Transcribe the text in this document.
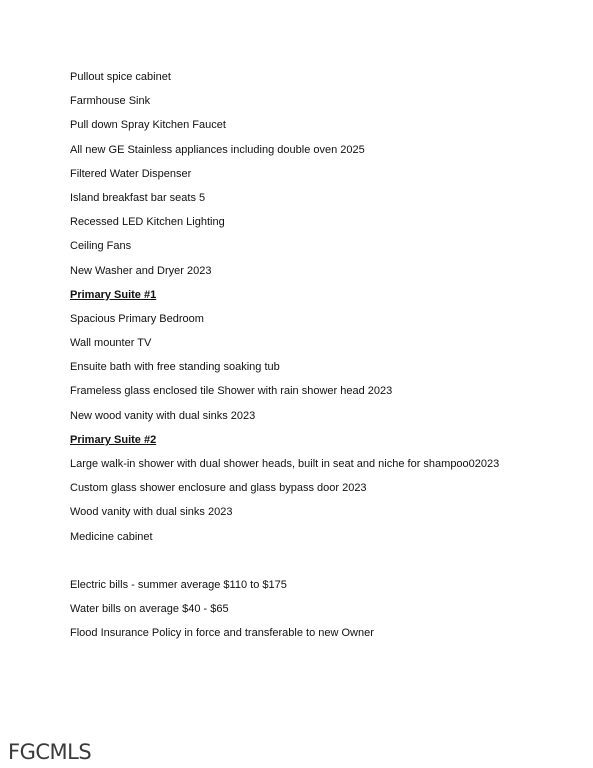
Pullout spice cabinet
Farmhouse Sink
Pull down Spray Kitchen Faucet
All new GE Stainless appliances including double oven 2025
Filtered Water Dispenser
Island breakfast bar seats 5
Recessed LED Kitchen Lighting
Ceiling Fans
New Washer and Dryer 2023
Primary Suite #1
Spacious Primary Bedroom
Wall mounter TV
Ensuite bath with free standing soaking tub
Frameless glass enclosed tile Shower with rain shower head 2023
New wood vanity with dual sinks 2023
Primary Suite #2
Large walk-in shower with dual shower heads, built in seat and niche for shampoo02023
Custom glass shower enclosure and glass bypass door 2023
Wood vanity with dual sinks 2023
Medicine cabinet
Electric bills - summer average $110 to $175
Water bills on average $40 - $65
Flood Insurance Policy in force and transferable to new Owner
FGCMLS
